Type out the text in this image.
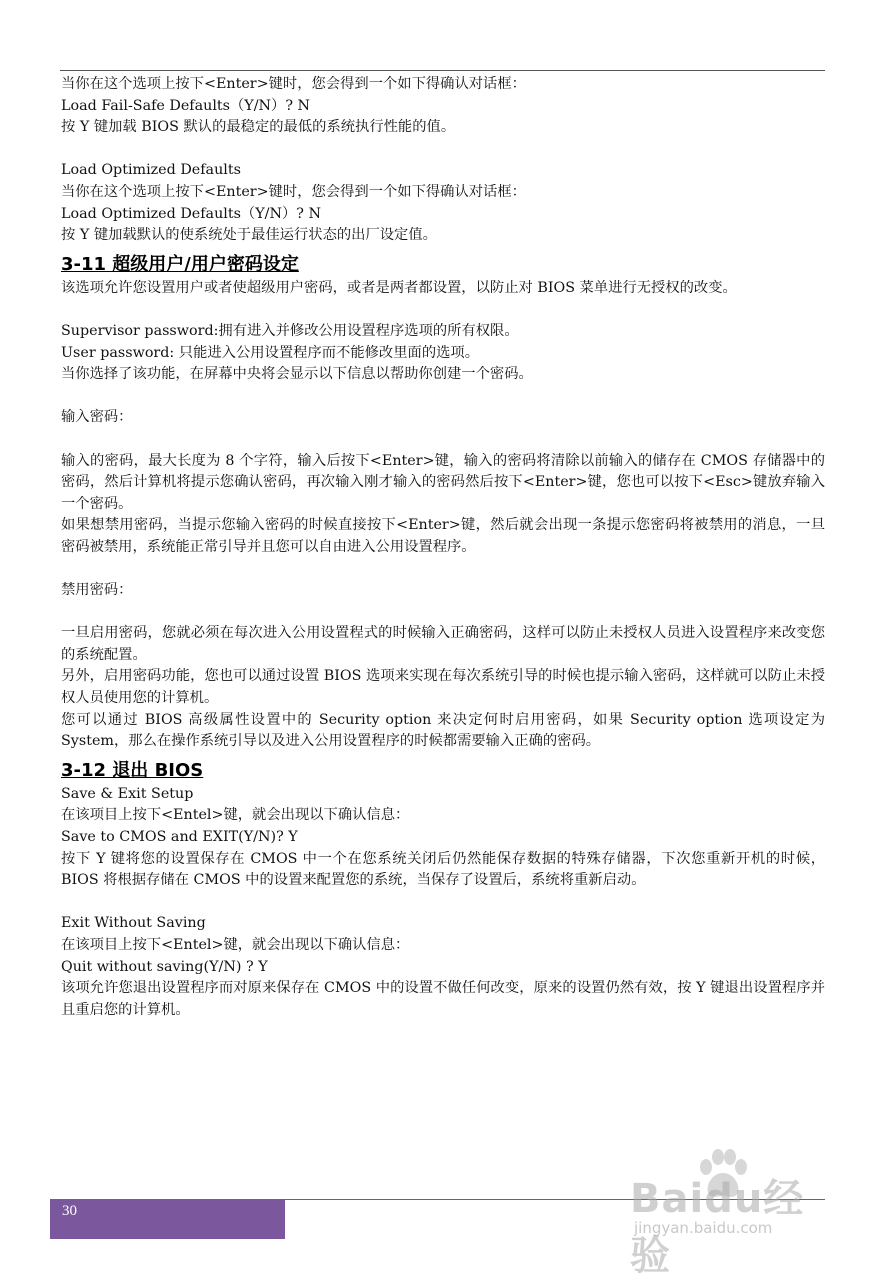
当你在这个选项上按下<Enter>键时，您会得到一个如下得确认对话框：

Load Fail-Safe Defaults（Y/N）? N

按 Y 键加载 BIOS 默认的最稳定的最低的系统执行性能的值。

Load Optimized Defaults

当你在这个选项上按下<Enter>键时，您会得到一个如下得确认对话框：

Load Optimized Defaults（Y/N）? N

按 Y 键加载默认的使系统处于最佳运行状态的出厂设定值。

3-11 超级用户/用户密码设定

该选项允许您设置用户或者使超级用户密码，或者是两者都设置，以防止对 BIOS 菜单进行无授权的改变。

Supervisor password:拥有进入并修改公用设置程序选项的所有权限。

User password: 只能进入公用设置程序而不能修改里面的选项。

当你选择了该功能，在屏幕中央将会显示以下信息以帮助你创建一个密码。

输入密码：

输入的密码，最大长度为 8 个字符，输入后按下<Enter>键，输入的密码将清除以前输入的储存在 CMOS 存储器中的密码，然后计算机将提示您确认密码，再次输入刚才输入的密码然后按下<Enter>键，您也可以按下<Esc>键放弃输入一个密码。

如果想禁用密码，当提示您输入密码的时候直接按下<Enter>键，然后就会出现一条提示您密码将被禁用的消息，一旦密码被禁用，系统能正常引导并且您可以自由进入公用设置程序。

禁用密码：

一旦启用密码，您就必须在每次进入公用设置程式的时候输入正确密码，这样可以防止未授权人员进入设置程序来改变您的系统配置。

另外，启用密码功能，您也可以通过设置 BIOS 选项来实现在每次系统引导的时候也提示输入密码，这样就可以防止未授权人员使用您的计算机。

您可以通过 BIOS 高级属性设置中的 Security option 来决定何时启用密码，如果 Security option 选项设定为 System，那么在操作系统引导以及进入公用设置程序的时候都需要输入正确的密码。

3-12 退出 BIOS

Save & Exit Setup

在该项目上按下<Entel>键，就会出现以下确认信息：

Save to CMOS and EXIT(Y/N)? Y

按下 Y 键将您的设置保存在 CMOS 中一个在您系统关闭后仍然能保存数据的特殊存储器，下次您重新开机的时候，BIOS 将根据存储在 CMOS 中的设置来配置您的系统，当保存了设置后，系统将重新启动。

Exit Without Saving

在该项目上按下<Entel>键，就会出现以下确认信息：

Quit without saving(Y/N) ? Y

该项允许您退出设置程序而对原来保存在 CMOS 中的设置不做任何改变，原来的设置仍然有效，按 Y 键退出设置程序并且重启您的计算机。

30	Baidu经验
jingyan.baidu.com
